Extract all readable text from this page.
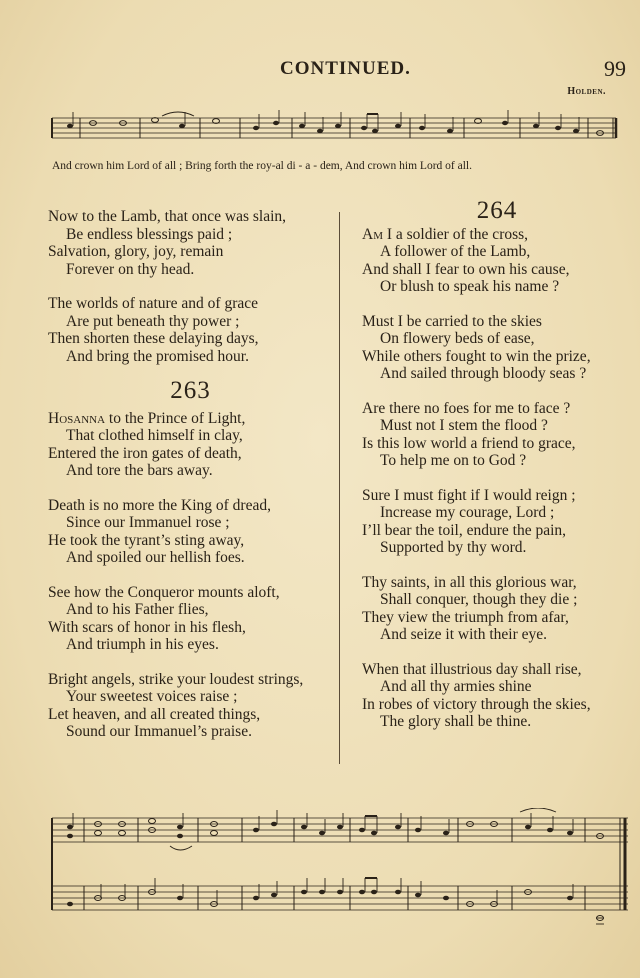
CONTINUED.	99
Holden.
And crown him Lord of all ; Bring forth the roy-al di - a - dem, And crown him Lord of all.
Now to the Lamb, that once was slain,
Be endless blessings paid ;
Salvation, glory, joy, remain
Forever on thy head.
The worlds of nature and of grace
Are put beneath thy power ;
Then shorten these delaying days,
And bring the promised hour.
263
Hosanna to the Prince of Light,
That clothed himself in clay,
Entered the iron gates of death,
And tore the bars away.
Death is no more the King of dread,
Since our Immanuel rose ;
He took the tyrant’s sting away,
And spoiled our hellish foes.
See how the Conqueror mounts aloft,
And to his Father flies,
With scars of honor in his flesh,
And triumph in his eyes.
Bright angels, strike your loudest strings,
Your sweetest voices raise ;
Let heaven, and all created things,
Sound our Immanuel’s praise.
264
Am I a soldier of the cross,
A follower of the Lamb,
And shall I fear to own his cause,
Or blush to speak his name ?
Must I be carried to the skies
On flowery beds of ease,
While others fought to win the prize,
And sailed through bloody seas ?
Are there no foes for me to face ?
Must not I stem the flood ?
Is this low world a friend to grace,
To help me on to God ?
Sure I must fight if I would reign ;
Increase my courage, Lord ;
I’ll bear the toil, endure the pain,
Supported by thy word.
Thy saints, in all this glorious war,
Shall conquer, though they die ;
They view the triumph from afar,
And seize it with their eye.
When that illustrious day shall rise,
And all thy armies shine
In robes of victory through the skies,
The glory shall be thine.
